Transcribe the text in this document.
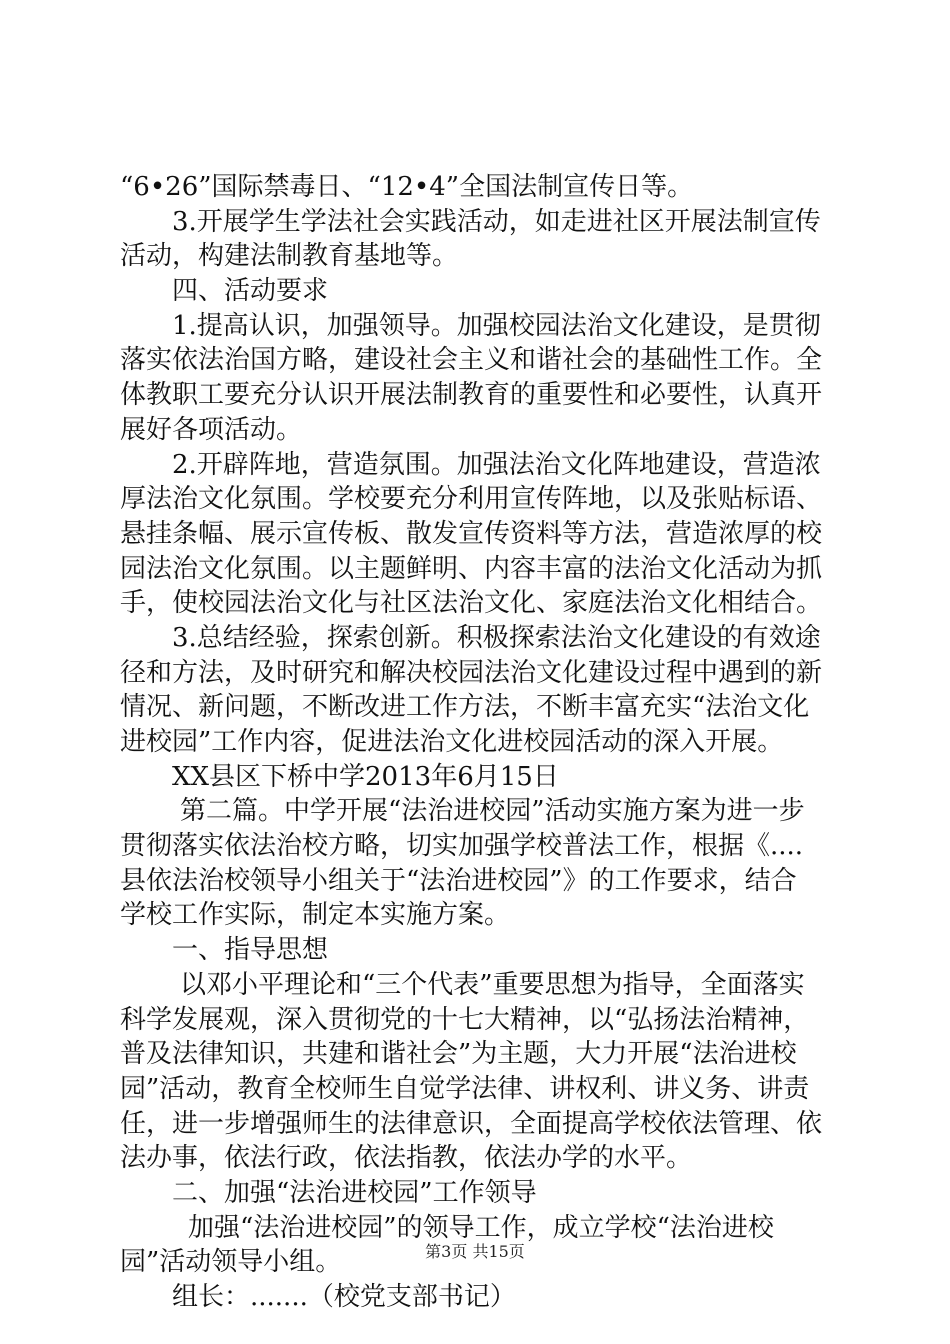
“6•26”国际禁毒日、“12•4”全国法制宣传日等。
3.开展学生学法社会实践活动，如走进社区开展法制宣传
活动，构建法制教育基地等。
四、活动要求
1.提高认识，加强领导。加强校园法治文化建设，是贯彻
落实依法治国方略，建设社会主义和谐社会的基础性工作。全
体教职工要充分认识开展法制教育的重要性和必要性，认真开
展好各项活动。
2.开辟阵地，营造氛围。加强法治文化阵地建设，营造浓
厚法治文化氛围。学校要充分利用宣传阵地，以及张贴标语、
悬挂条幅、展示宣传板、散发宣传资料等方法，营造浓厚的校
园法治文化氛围。以主题鲜明、内容丰富的法治文化活动为抓
手，使校园法治文化与社区法治文化、家庭法治文化相结合。
3.总结经验，探索创新。积极探索法治文化建设的有效途
径和方法，及时研究和解决校园法治文化建设过程中遇到的新
情况、新问题，不断改进工作方法，不断丰富充实“法治文化
进校园”工作内容，促进法治文化进校园活动的深入开展。
XX县区下桥中学2013年6月15日
第二篇。中学开展“法治进校园”活动实施方案为进一步
贯彻落实依法治校方略，切实加强学校普法工作，根据《....
县依法治校领导小组关于“法治进校园”》的工作要求，结合
学校工作实际，制定本实施方案。
一、指导思想
以邓小平理论和“三个代表”重要思想为指导，全面落实
科学发展观，深入贯彻党的十七大精神，以“弘扬法治精神，
普及法律知识，共建和谐社会”为主题，大力开展“法治进校
园”活动，教育全校师生自觉学法律、讲权利、讲义务、讲责
任，进一步增强师生的法律意识，全面提高学校依法管理、依
法办事，依法行政，依法指教，依法办学的水平。
二、加强“法治进校园”工作领导
加强“法治进校园”的领导工作，成立学校“法治进校
园”活动领导小组。
组长：.......（校党支部书记）
第3页 共15页
